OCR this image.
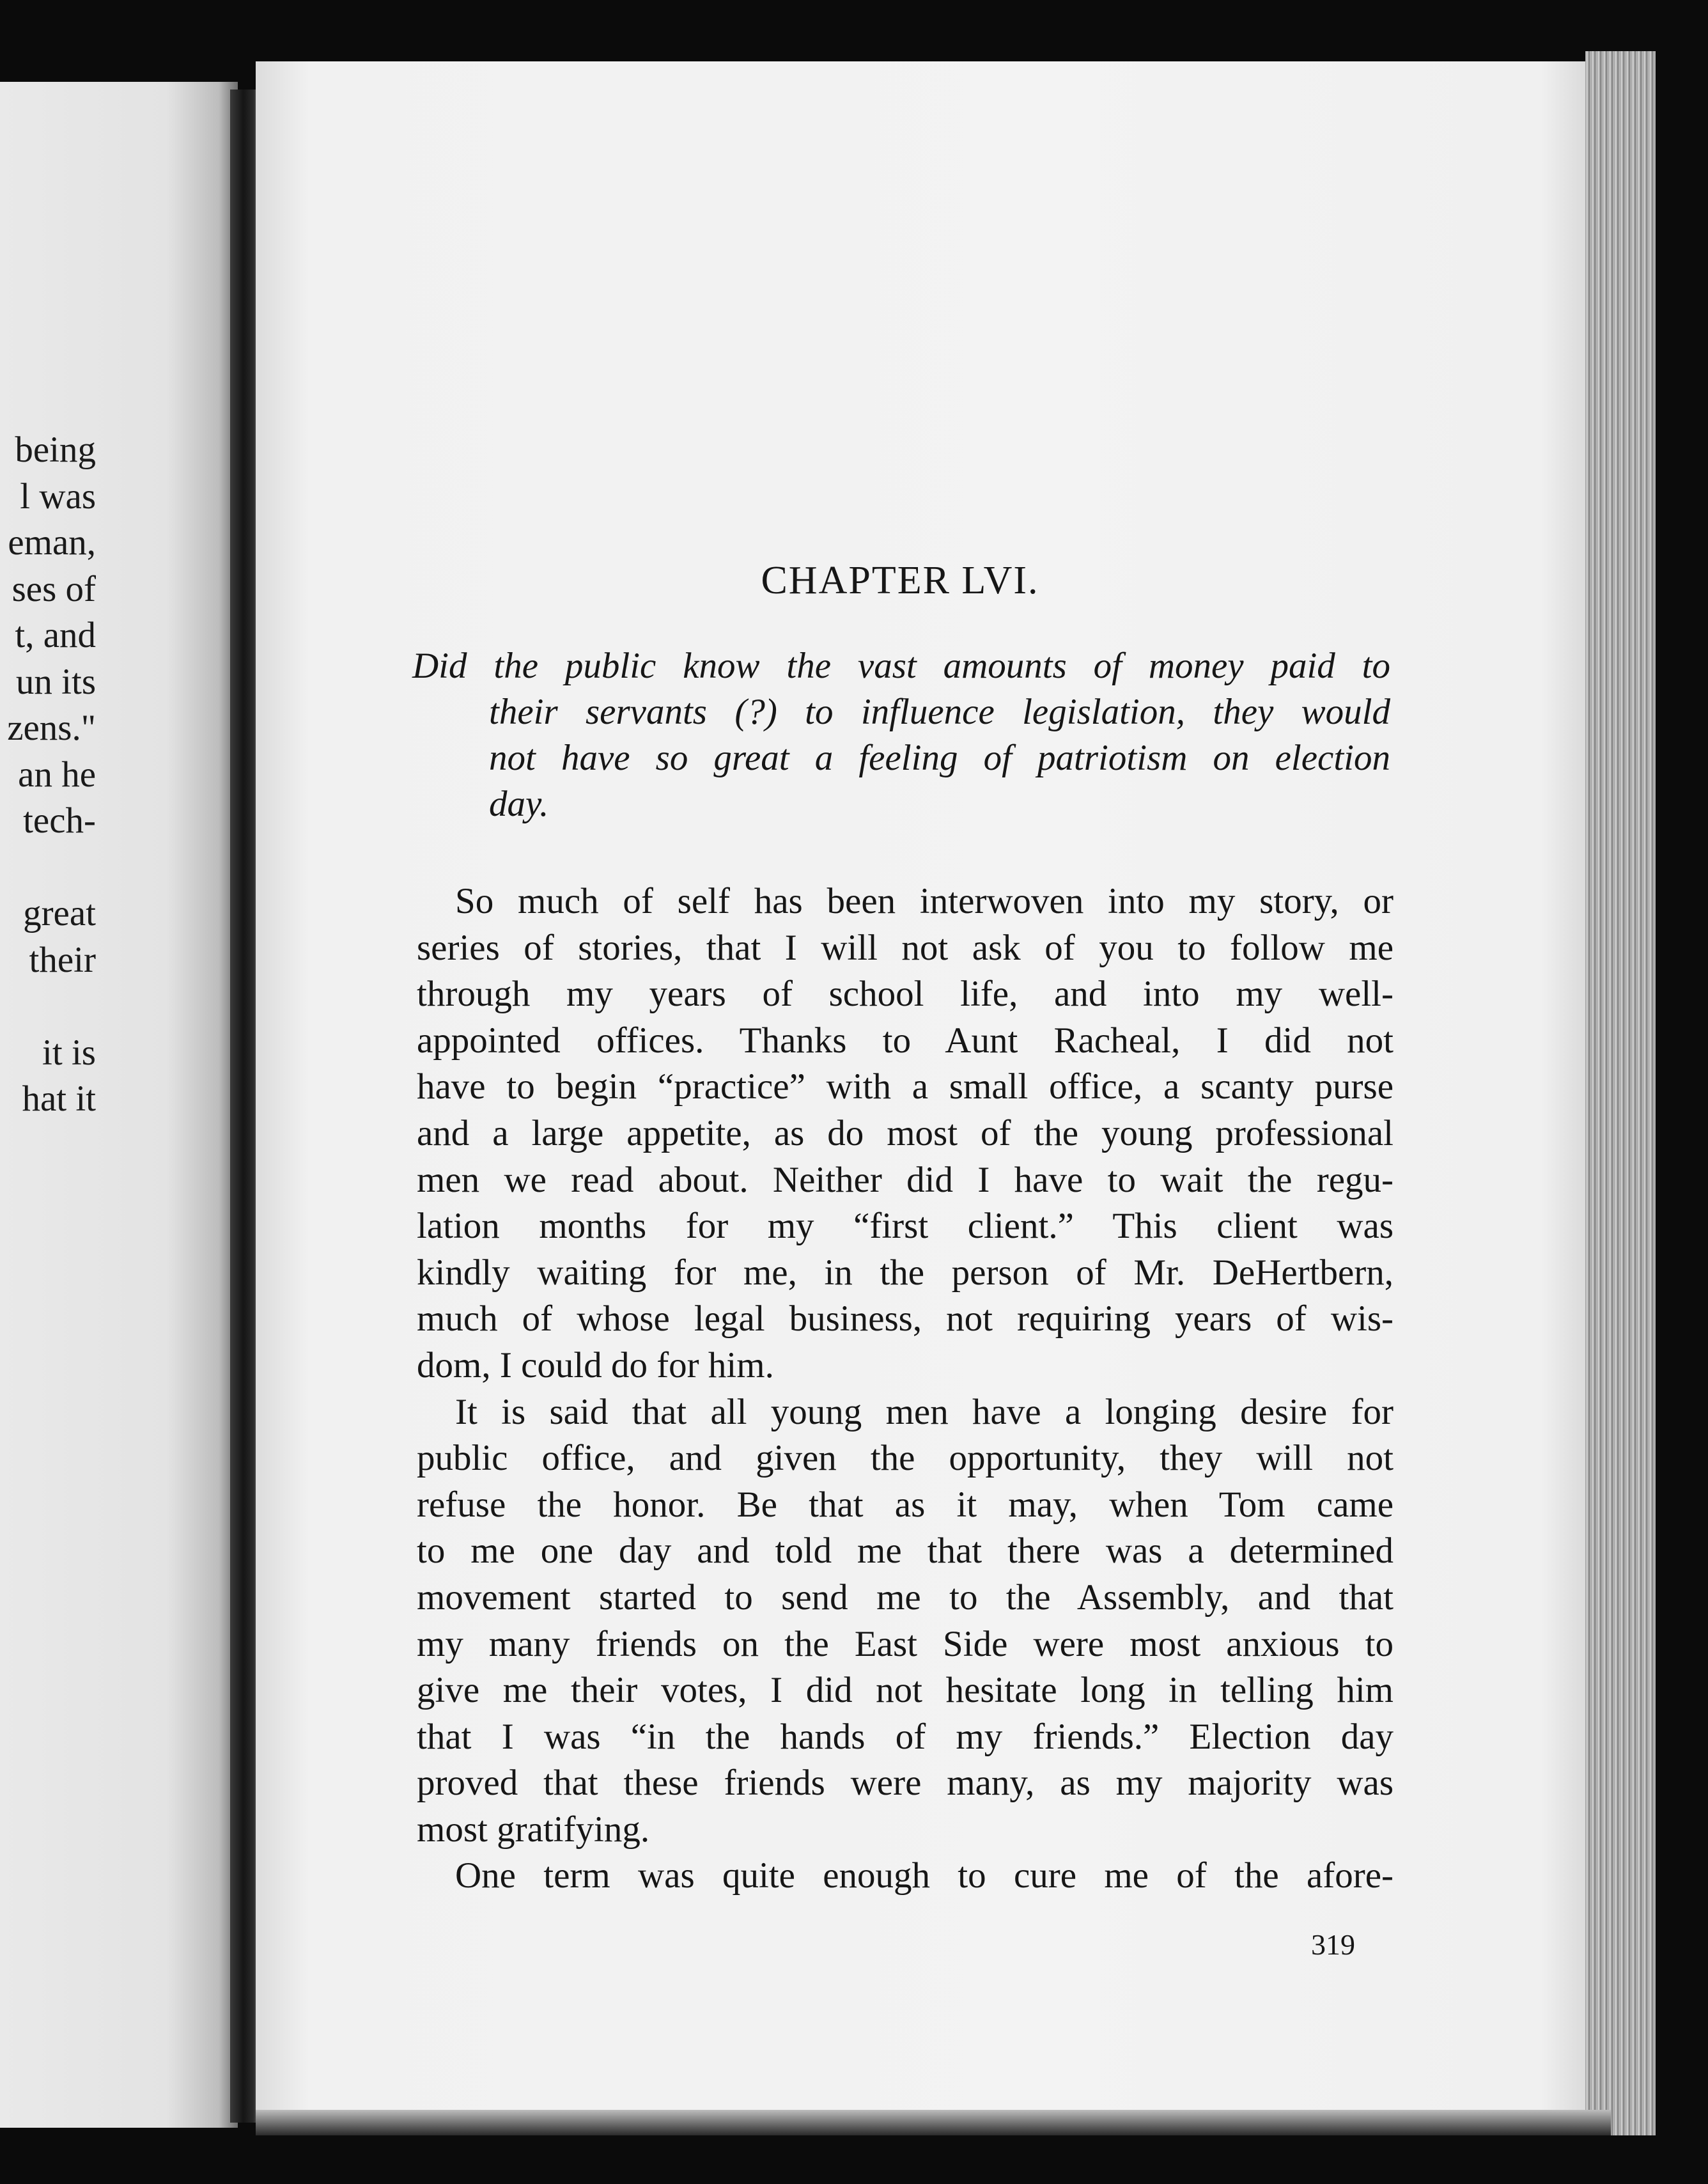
being
l was
eman,
ses of
t, and
un its
zens."
an he
tech-
great
their
it is
hat it
CHAPTER LVI.
Did the public know the vast amounts of money paid to
their servants (?) to influence legislation, they would
not have so great a feeling of patriotism on election
day.
So much of self has been interwoven into my story, or
series of stories, that I will not ask of you to follow me
through my years of school life, and into my well-
appointed offices. Thanks to Aunt Racheal, I did not
have to begin “practice” with a small office, a scanty purse
and a large appetite, as do most of the young professional
men we read about. Neither did I have to wait the regu-
lation months for my “first client.” This client was
kindly waiting for me, in the person of Mr. DeHertbern,
much of whose legal business, not requiring years of wis-
dom, I could do for him.
It is said that all young men have a longing desire for
public office, and given the opportunity, they will not
refuse the honor. Be that as it may, when Tom came
to me one day and told me that there was a determined
movement started to send me to the Assembly, and that
my many friends on the East Side were most anxious to
give me their votes, I did not hesitate long in telling him
that I was “in the hands of my friends.” Election day
proved that these friends were many, as my majority was
most gratifying.
One term was quite enough to cure me of the afore-
319
